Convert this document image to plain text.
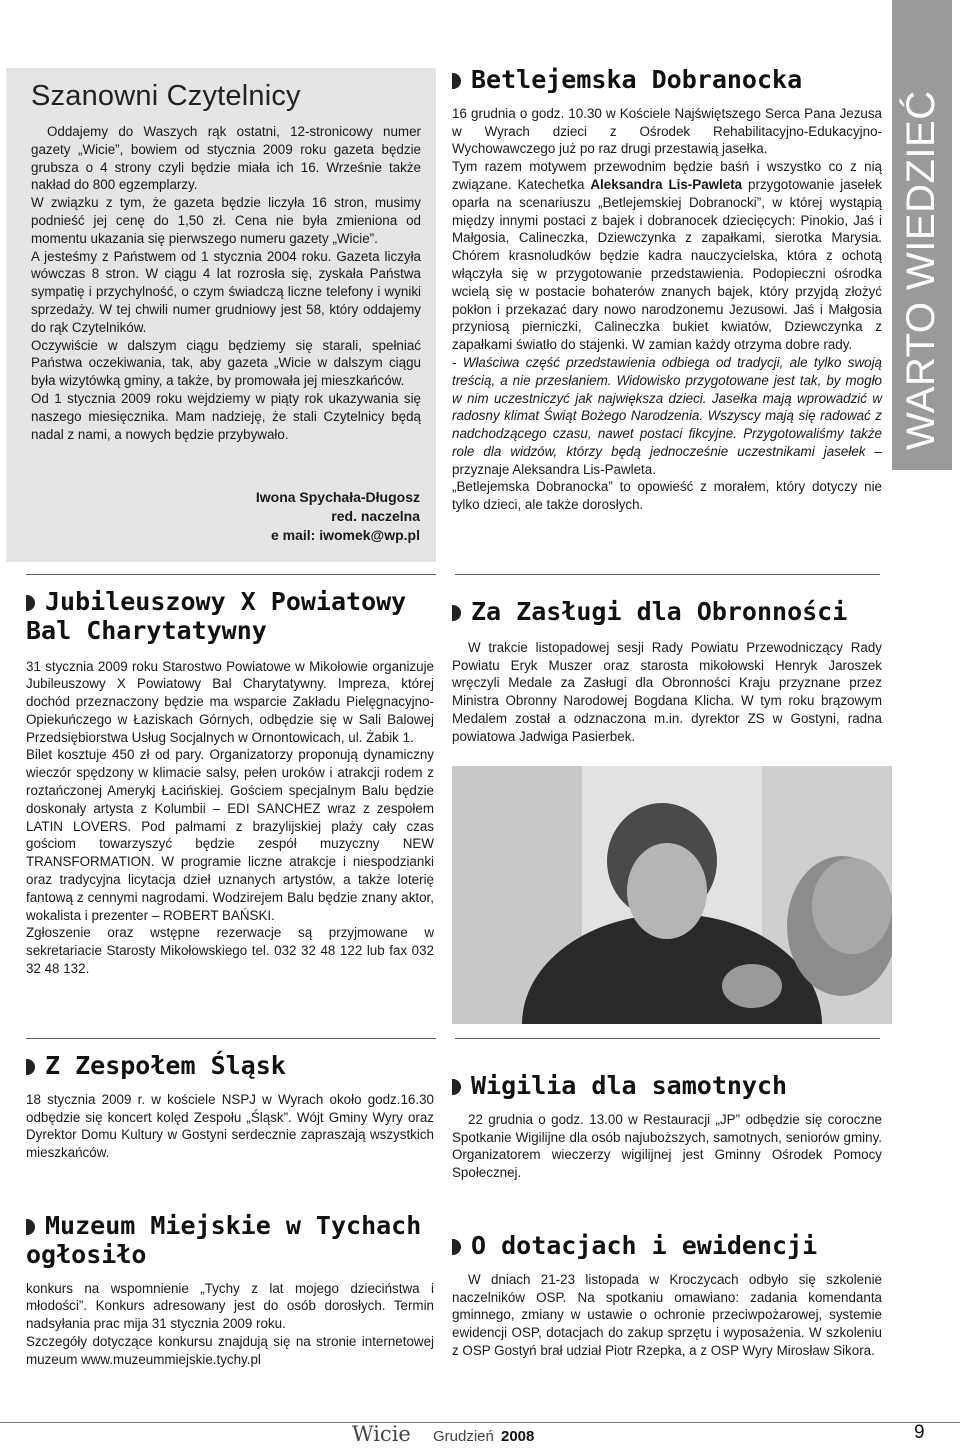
Szanowni Czytelnicy

Oddajemy do Waszych rąk ostatni, 12-stronicowy numer gazety „Wicie”, bowiem od stycznia 2009 roku gazeta będzie grubsza o 4 strony czyli będzie miała ich 16. Wrześnie także nakład do 800 egzemplarzy.

W związku z tym, że gazeta będzie liczyła 16 stron, musimy podnieść jej cenę do 1,50 zł. Cena nie była zmieniona od momentu ukazania się pierwszego numeru gazety „Wicie”.

A jesteśmy z Państwem od 1 stycznia 2004 roku. Gazeta liczyła wówczas 8 stron. W ciągu 4 lat rozrosła się, zyskała Państwa sympatię i przychylność, o czym świadczą liczne telefony i wyniki sprzedaży. W tej chwili numer grudniowy jest 58, który oddajemy do rąk Czytelników.

Oczywiście w dalszym ciągu będziemy się starali, spełniać Państwa oczekiwania, tak, aby gazeta „Wicie w dalszym ciągu była wizytówką gminy, a także, by promowała jej mieszkańców.

Od 1 stycznia 2009 roku wejdziemy w piąty rok ukazywania się naszego miesięcznika. Mam nadzieję, że stali Czytelnicy będą nadal z nami, a nowych będzie przybywało.

Iwona Spychała-Długosz
red. naczelna
e mail: iwomek@wp.pl
WARTO WIEDZIEĆ
Betlejemska Dobranocka

16 grudnia o godz. 10.30 w Kościele Najświętszego Serca Pana Jezusa w Wyrach dzieci z Ośrodek Rehabilitacyjno-Edukacyjno-Wychowawczego już po raz drugi przestawią jasełka.

Tym razem motywem przewodnim będzie baśń i wszystko co z nią związane. Katechetka Aleksandra Lis-Pawleta przygotowanie jasełek oparła na scenariuszu „Betlejemskiej Dobranocki”, w której wystąpią między innymi postaci z bajek i dobranocek dziecięcych: Pinokio, Jaś i Małgosia, Calineczka, Dziewczynka z zapałkami, sierotka Marysia. Chórem krasnoludków będzie kadra nauczycielska, która z ochotą włączyła się w przygotowanie przedstawienia. Podopieczni ośrodka wcielą się w postacie bohaterów znanych bajek, który przyjdą złożyć pokłon i przekazać dary nowo narodzonemu Jezusowi. Jaś i Małgosia przyniosą pierniczki, Calineczka bukiet kwiatów, Dziewczynka z zapałkami światło do stajenki. W zamian każdy otrzyma dobre rady.

- Właściwa część przedstawienia odbiega od tradycji, ale tylko swoją treścią, a nie przesłaniem. Widowisko przygotowane jest tak, by mogło w nim uczestniczyć jak największa dzieci. Jasełka mają wprowadzić w radosny klimat Świąt Bożego Narodzenia. Wszyscy mają się radować z nadchodzącego czasu, nawet postaci fikcyjne. Przygotowaliśmy także role dla widzów, którzy będą jednocześnie uczestnikami jasełek – przyznaje Aleksandra Lis-Pawleta.

„Betlejemska Dobranocka” to opowieść z morałem, który dotyczy nie tylko dzieci, ale także dorosłych.

Jubileuszowy X Powiatowy Bal Charytatywny

31 stycznia 2009 roku Starostwo Powiatowe w Mikołowie organizuje Jubileuszowy X Powiatowy Bal Charytatywny. Impreza, której dochód przeznaczony będzie ma wsparcie Zakładu Pielęgnacyjno-Opiekuńczego w Łaziskach Górnych, odbędzie się w Sali Balowej Przedsiębiorstwa Usług Socjalnych w Ornontowicach, ul. Żabik 1.

Bilet kosztuje 450 zł od pary. Organizatorzy proponują dynamiczny wieczór spędzony w klimacie salsy, pełen uroków i atrakcji rodem z roztańczonej Amerykj Łacińskiej. Gościem specjalnym Balu będzie doskonały artysta z Kolumbii – EDI SANCHEZ wraz z zespołem LATIN LOVERS. Pod palmami z brazylijskiej plaży cały czas gościom towarzyszyć będzie zespół muzyczny NEW TRANSFORMATION. W programie liczne atrakcje i niespodzianki oraz tradycyjna licytacja dzieł uznanych artystów, a także loterię fantową z cennymi nagrodami. Wodzirejem Balu będzie znany aktor, wokalista i prezenter – ROBERT BAŃSKI.

Zgłoszenie oraz wstępne rezerwacje są przyjmowane w sekretariacie Starosty Mikołowskiego tel. 032 32 48 122 lub fax 032 32 48 132.

Za Zasługi dla Obronności

W trakcie listopadowej sesji Rady Powiatu Przewodniczący Rady Powiatu Eryk Muszer oraz starosta mikołowski Henryk Jaroszek wręczyli Medale za Zasługi dla Obronności Kraju przyznane przez Ministra Obronny Narodowej Bogdana Klicha. W tym roku brązowym Medalem został a odznaczona m.in. dyrektor ZS w Gostyni, radna powiatowa Jadwiga Pasierbek.

Z Zespołem Śląsk

18 stycznia 2009 r. w kościele NSPJ w Wyrach około godz.16.30 odbędzie się koncert kolęd Zespołu „Śląsk”. Wójt Gminy Wyry oraz Dyrektor Domu Kultury w Gostyni serdecznie zapraszają wszystkich mieszkańców.

Wigilia dla samotnych

22 grudnia o godz. 13.00 w Restauracji „JP” odbędzie się coroczne Spotkanie Wigilijne dla osób najuboższych, samotnych, seniorów gminy. Organizatorem wieczerzy wigilijnej jest Gminny Ośrodek Pomocy Społecznej.

Muzeum Miejskie w Tychach ogłosiło

konkurs na wspomnienie „Tychy z lat mojego dzieciństwa i młodości”. Konkurs adresowany jest do osób dorosłych. Termin nadsyłania prac mija 31 stycznia 2009 roku.

Szczegóły dotyczące konkursu znajdują się na stronie internetowej muzeum www.muzeummiejskie.tychy.pl

O dotacjach i ewidencji

W dniach 21-23 listopada w Kroczycach odbyło się szkolenie naczelników OSP. Na spotkaniu omawiano: zadania komendanta gminnego, zmiany w ustawie o ochronie przeciwpożarowej, systemie ewidencji OSP, dotacjach do zakup sprzętu i wyposażenia. W szkoleniu z OSP Gostyń brał udział Piotr Rzepka, a z OSP Wyry Mirosław Sikora.

Wicie Grudzień 2008	9
